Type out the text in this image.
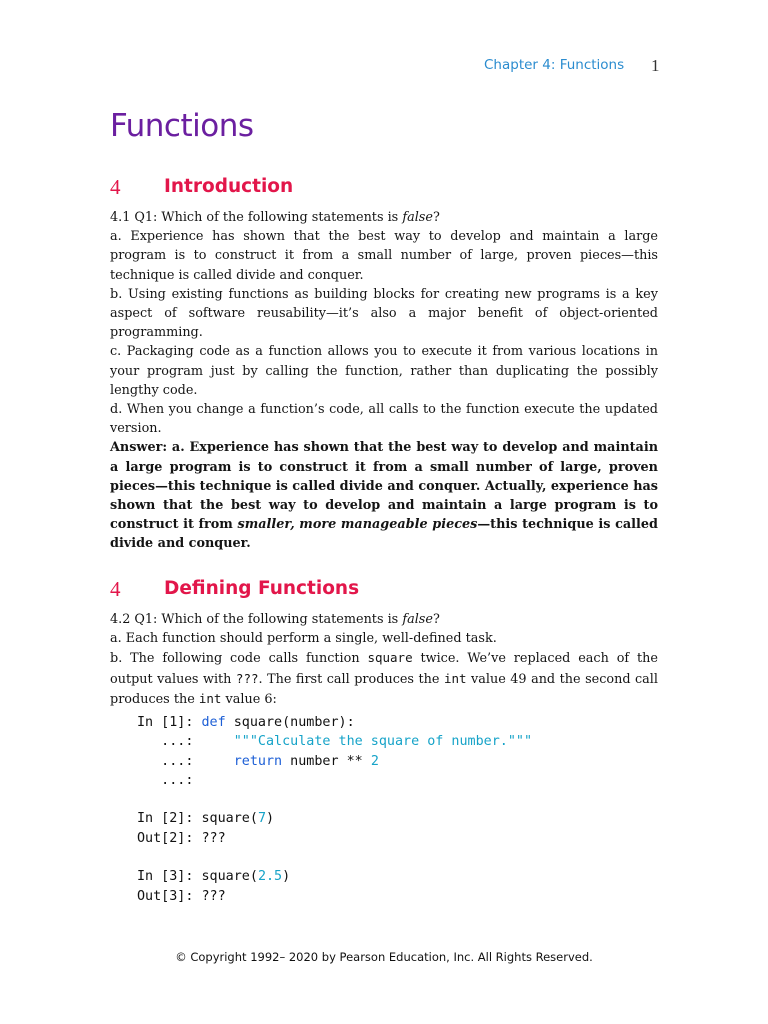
Chapter 4: Functions 1
Functions
4 Introduction

4.1 Q1: Which of the following statements is false?

a. Experience has shown that the best way to develop and maintain a large program is to construct it from a small number of large, proven pieces—this technique is called divide and conquer.

b. Using existing functions as building blocks for creating new programs is a key aspect of software reusability—it’s also a major benefit of object-oriented programming.

c. Packaging code as a function allows you to execute it from various locations in your program just by calling the function, rather than duplicating the possibly lengthy code.

d. When you change a function’s code, all calls to the function execute the updated version.

Answer: a. Experience has shown that the best way to develop and maintain a large program is to construct it from a small number of large, proven pieces—this technique is called divide and conquer. Actually, experience has shown that the best way to develop and maintain a large program is to construct it from smaller, more manageable pieces—this technique is called divide and conquer.

4 Defining Functions

4.2 Q1: Which of the following statements is false?

a. Each function should perform a single, well-defined task.

b. The following code calls function square twice. We’ve replaced each of the output values with ???. The first call produces the int value 49 and the second call produces the int value 6:

In [1]: def square(number):
...:     """Calculate the square of number."""
...:     return number ** 2
...:
In [2]: square(7)
Out[2]: ???
In [3]: square(2.5)
Out[3]: ???
© Copyright 1992– 2020 by Pearson Education, Inc. All Rights Reserved.
